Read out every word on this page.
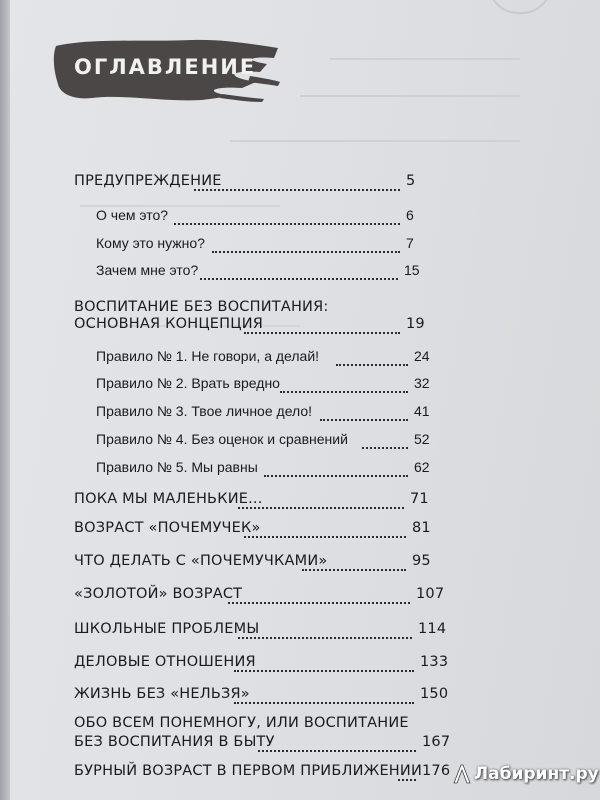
ОГЛАВЛЕНИЕ
ПРЕДУПРЕЖДЕНИЕ	5
О чем это?	6
Кому это нужно?	7
Зачем мне это?	15
ВОСПИТАНИЕ БЕЗ ВОСПИТАНИЯ:
ОСНОВНАЯ КОНЦЕПЦИЯ	19
Правило № 1. Не говори, а делай!	24
Правило № 2. Врать вредно	32
Правило № 3. Твое личное дело!	41
Правило № 4. Без оценок и сравнений	52
Правило № 5. Мы равны	62
ПОКА МЫ МАЛЕНЬКИЕ...	71
ВОЗРАСТ «ПОЧЕМУЧЕК»	81
ЧТО ДЕЛАТЬ С «ПОЧЕМУЧКАМИ»	95
«ЗОЛОТОЙ» ВОЗРАСТ	107
ШКОЛЬНЫЕ ПРОБЛЕМЫ	114
ДЕЛОВЫЕ ОТНОШЕНИЯ	133
ЖИЗНЬ БЕЗ «НЕЛЬЗЯ»	150
ОБО ВСЕМ ПОНЕМНОГУ, ИЛИ ВОСПИТАНИЕ
БЕЗ ВОСПИТАНИЯ В БЫТУ	167
БУРНЫЙ ВОЗРАСТ В ПЕРВОМ ПРИБЛИЖЕНИИ 176 Лабиринт.ру
